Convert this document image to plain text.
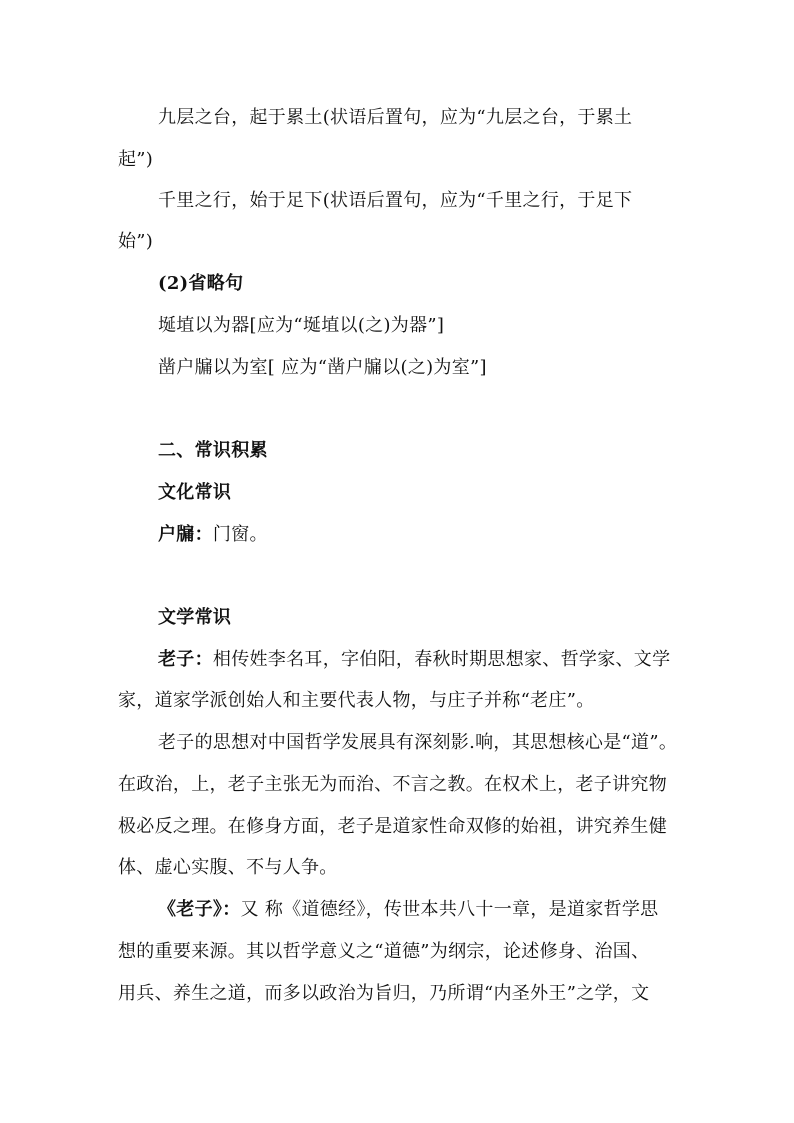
九层之台，起于累土(状语后置句，应为“九层之台，于累土
起”)
千里之行，始于足下(状语后置句，应为“千里之行，于足下
始”)
(2)省略句
埏埴以为器[应为“埏埴以(之)为器”]
凿户牖以为室[ 应为“凿户牖以(之)为室”]
二、常识积累
文化常识
户牖：门窗。
文学常识
老子：相传姓李名耳，字伯阳，春秋时期思想家、哲学家、文学
家，道家学派创始人和主要代表人物，与庄子并称“老庄”。
老子的思想对中国哲学发展具有深刻影.响，其思想核心是“道”。
在政治，上，老子主张无为而治、不言之教。在权术上，老子讲究物
极必反之理。在修身方面，老子是道家性命双修的始祖，讲究养生健
体、虚心实腹、不与人争。
《老子》：又 称《道德经》，传世本共八十一章，是道家哲学思
想的重要来源。其以哲学意义之“道德”为纲宗，论述修身、治国、
用兵、养生之道，而多以政治为旨归，乃所谓“内圣外王”之学，文
